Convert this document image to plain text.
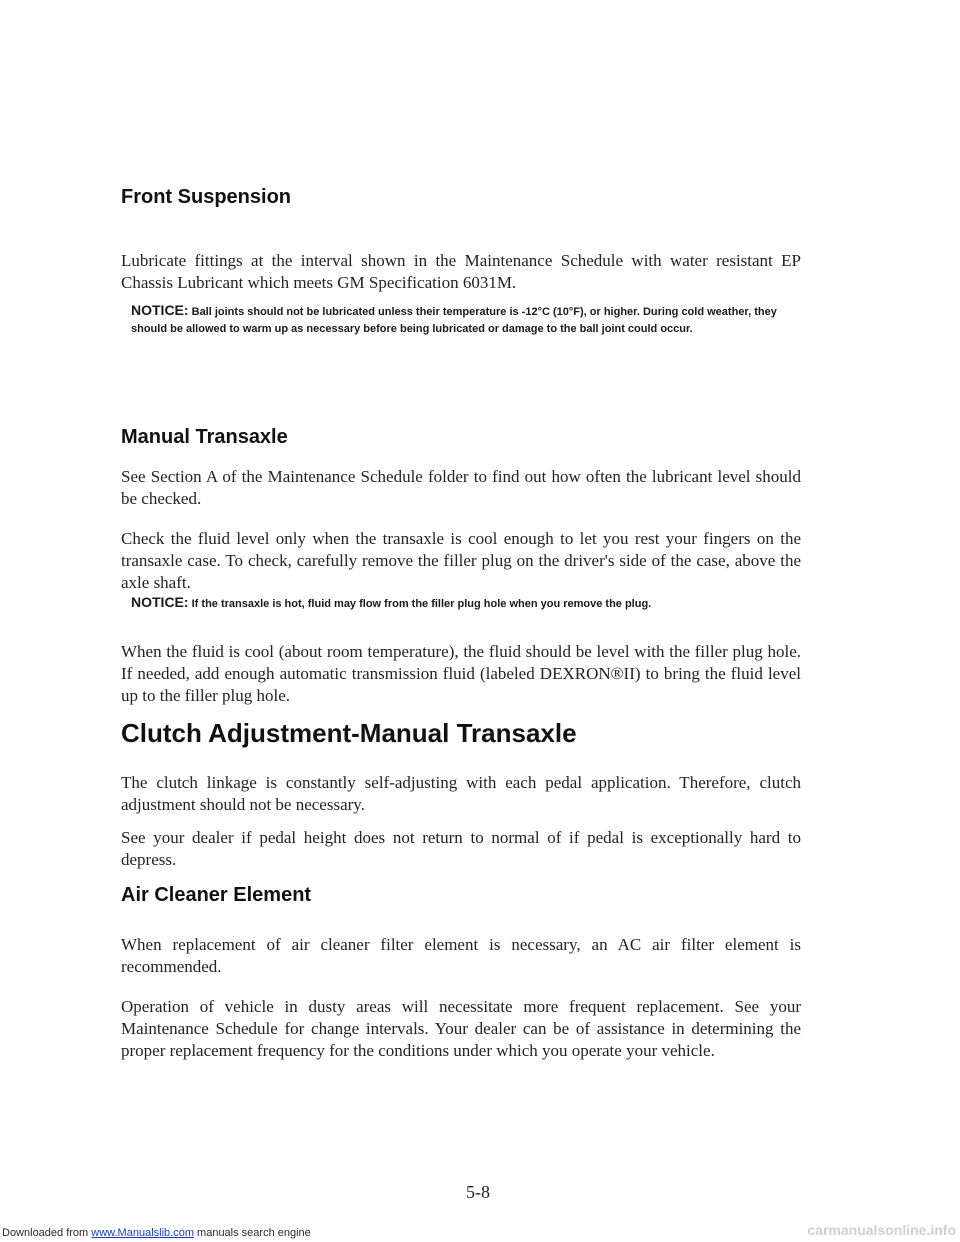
Front Suspension

Lubricate fittings at the interval shown in the Maintenance Schedule with water resistant EP Chassis Lubricant which meets GM Specification 6031M.

NOTICE: Ball joints should not be lubricated unless their temperature is -12°C (10°F), or higher. During cold weather, they should be allowed to warm up as necessary before being lubricated or damage to the ball joint could occur.

Manual Transaxle

See Section A of the Maintenance Schedule folder to find out how often the lubricant level should be checked.

Check the fluid level only when the transaxle is cool enough to let you rest your fingers on the transaxle case. To check, carefully remove the filler plug on the driver's side of the case, above the axle shaft.

NOTICE: If the transaxle is hot, fluid may flow from the filler plug hole when you remove the plug.

When the fluid is cool (about room temperature), the fluid should be level with the filler plug hole. If needed, add enough automatic transmission fluid (labeled DEXRON®II) to bring the fluid level up to the filler plug hole.

Clutch Adjustment-Manual Transaxle

The clutch linkage is constantly self-adjusting with each pedal application. Therefore, clutch adjustment should not be necessary.

See your dealer if pedal height does not return to normal of if pedal is exceptionally hard to depress.

Air Cleaner Element

When replacement of air cleaner filter element is necessary, an AC air filter element is recommended.

Operation of vehicle in dusty areas will necessitate more frequent replacement. See your Maintenance Schedule for change intervals. Your dealer can be of assistance in determining the proper replacement frequency for the conditions under which you operate your vehicle.

5-8
Downloaded from www.Manualslib.com manuals search engine	carmanualsonline.info
